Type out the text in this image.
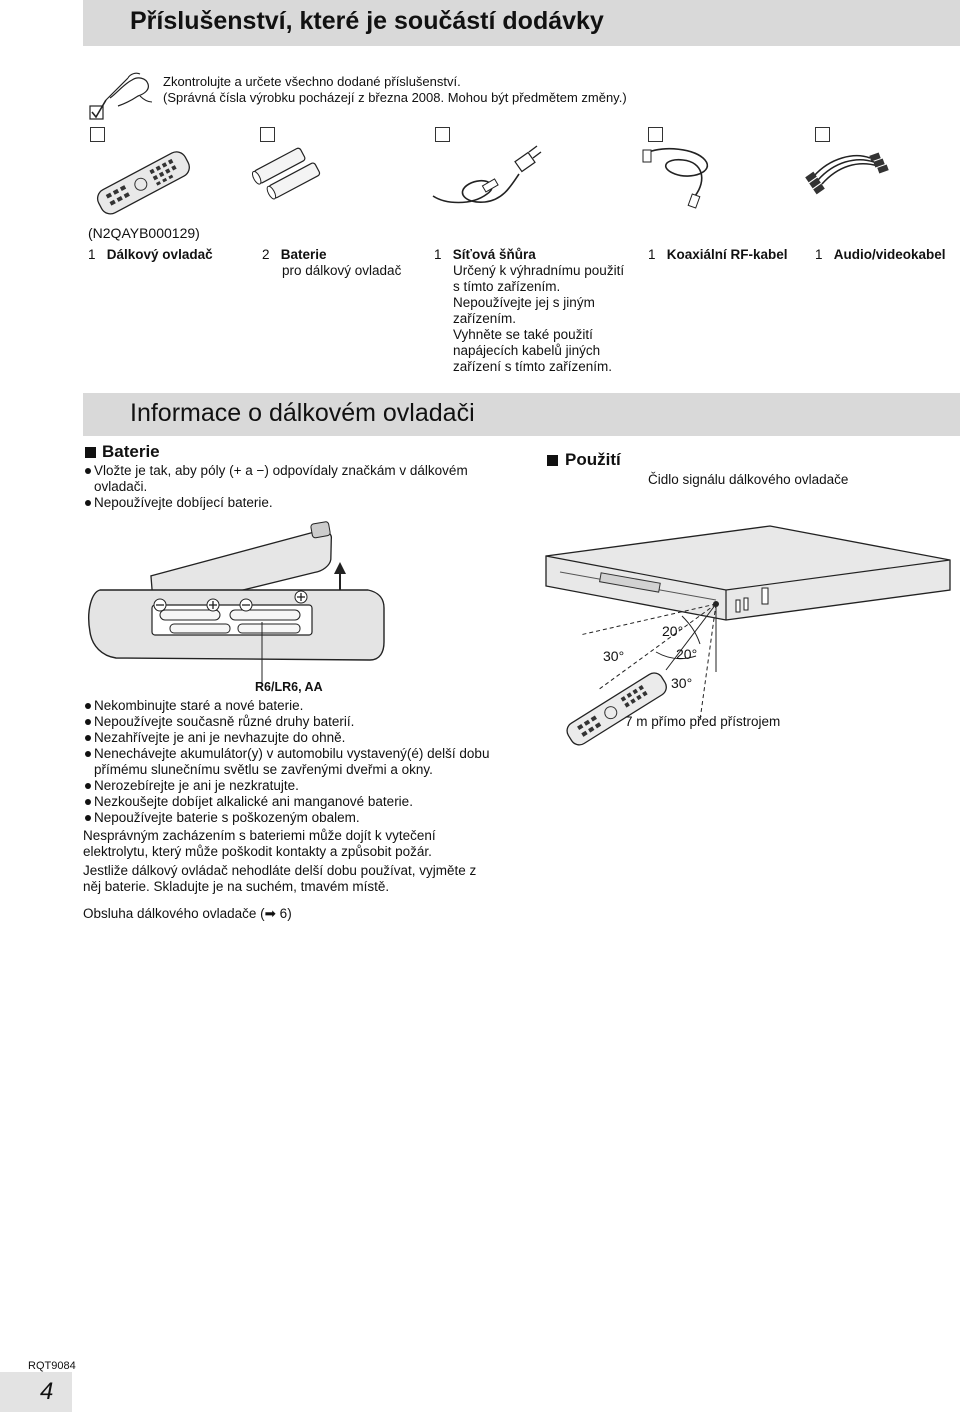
Příslušenství, které je součástí dodávky
Zkontrolujte a určete všechno dodané příslušenství.
(Správná čísla výrobku pocházejí z března 2008. Mohou být předmětem změny.)
(N2QAYB000129)
1 Dálkový ovladač	2 Baterie
pro dálkový ovladač
1 Síťová šňůra
Určený k výhradnímu použití
s tímto zařízením.
Nepoužívejte jej s jiným
zařízením.
Vyhněte se také použití
napájecích kabelů jiných
zařízení s tímto zařízením.
1 Koaxiální RF-kabel 1 Audio/videokabel
Informace o dálkovém ovladači
Baterie
Vložte je tak, aby póly (+ a −) odpovídaly značkám v dálkovém
ovladači.
Nepoužívejte dobíjecí baterie.
Použití
Čidlo signálu dálkového ovladače
R6/LR6, AA
Nekombinujte staré a nové baterie.
Nepoužívejte současně různé druhy baterií.
Nezahřívejte je ani je nevhazujte do ohně.
Nenechávejte akumulátor(y) v automobilu vystavený(é) delší dobu
přímému slunečnímu světlu se zavřenými dveřmi a okny.
Nerozebírejte je ani je nezkratujte.
Nezkoušejte dobíjet alkalické ani manganové baterie.
Nepoužívejte baterie s poškozeným obalem.
Nesprávným zacházením s bateriemi může dojít k vytečení
elektrolytu, který může poškodit kontakty a způsobit požár.
Jestliže dálkový ovládač nehodláte delší dobu používat, vyjměte z
něj baterie. Skladujte je na suchém, tmavém místě.
Obsluha dálkového ovladače (➡ 6)
20°
30°	20°
30°
7 m přímo před přístrojem
RQT9084
4
